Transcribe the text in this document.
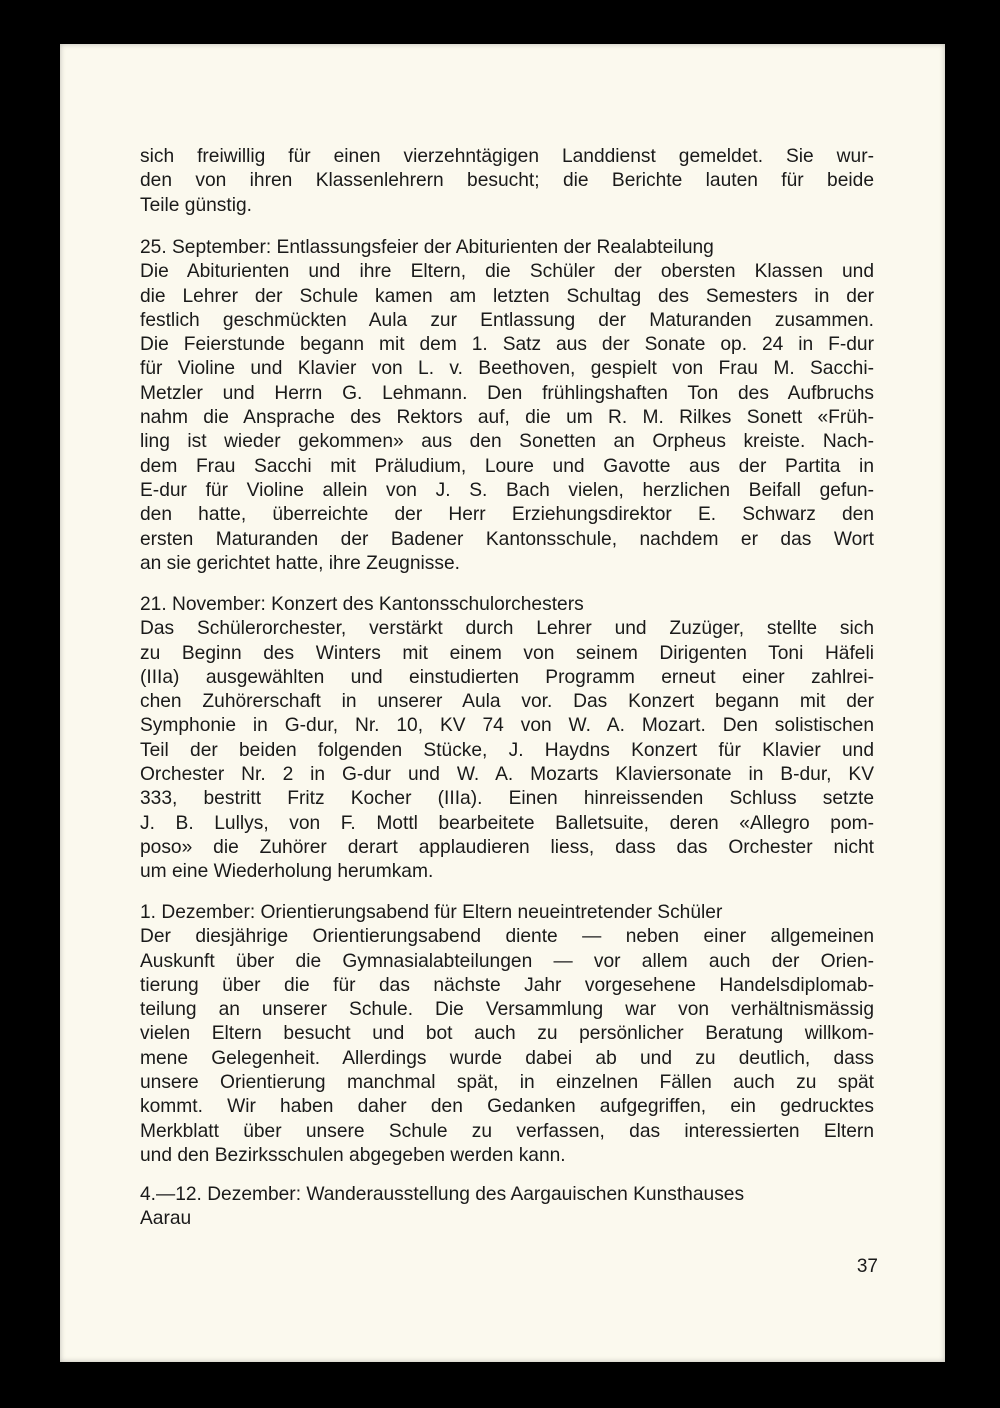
sich freiwillig für einen vierzehntägigen Landdienst gemeldet. Sie wur-
den von ihren Klassenlehrern besucht; die Berichte lauten für beide
Teile günstig.
25. September: Entlassungsfeier der Abiturienten der Realabteilung
Die Abiturienten und ihre Eltern, die Schüler der obersten Klassen und
die Lehrer der Schule kamen am letzten Schultag des Semesters in der
festlich geschmückten Aula zur Entlassung der Maturanden zusammen.
Die Feierstunde begann mit dem 1. Satz aus der Sonate op. 24 in F-dur
für Violine und Klavier von L. v. Beethoven, gespielt von Frau M. Sacchi-
Metzler und Herrn G. Lehmann. Den frühlingshaften Ton des Aufbruchs
nahm die Ansprache des Rektors auf, die um R. M. Rilkes Sonett «Früh-
ling ist wieder gekommen» aus den Sonetten an Orpheus kreiste. Nach-
dem Frau Sacchi mit Präludium, Loure und Gavotte aus der Partita in
E-dur für Violine allein von J. S. Bach vielen, herzlichen Beifall gefun-
den hatte, überreichte der Herr Erziehungsdirektor E. Schwarz den
ersten Maturanden der Badener Kantonsschule, nachdem er das Wort
an sie gerichtet hatte, ihre Zeugnisse.
21. November: Konzert des Kantonsschulorchesters
Das Schülerorchester, verstärkt durch Lehrer und Zuzüger, stellte sich
zu Beginn des Winters mit einem von seinem Dirigenten Toni Häfeli
(IIIa) ausgewählten und einstudierten Programm erneut einer zahlrei-
chen Zuhörerschaft in unserer Aula vor. Das Konzert begann mit der
Symphonie in G-dur, Nr. 10, KV 74 von W. A. Mozart. Den solistischen
Teil der beiden folgenden Stücke, J. Haydns Konzert für Klavier und
Orchester Nr. 2 in G-dur und W. A. Mozarts Klaviersonate in B-dur, KV
333, bestritt Fritz Kocher (IIIa). Einen hinreissenden Schluss setzte
J. B. Lullys, von F. Mottl bearbeitete Balletsuite, deren «Allegro pom-
poso» die Zuhörer derart applaudieren liess, dass das Orchester nicht
um eine Wiederholung herumkam.
1. Dezember: Orientierungsabend für Eltern neueintretender Schüler
Der diesjährige Orientierungsabend diente — neben einer allgemeinen
Auskunft über die Gymnasialabteilungen — vor allem auch der Orien-
tierung über die für das nächste Jahr vorgesehene Handelsdiplomab-
teilung an unserer Schule. Die Versammlung war von verhältnismässig
vielen Eltern besucht und bot auch zu persönlicher Beratung willkom-
mene Gelegenheit. Allerdings wurde dabei ab und zu deutlich, dass
unsere Orientierung manchmal spät, in einzelnen Fällen auch zu spät
kommt. Wir haben daher den Gedanken aufgegriffen, ein gedrucktes
Merkblatt über unsere Schule zu verfassen, das interessierten Eltern
und den Bezirksschulen abgegeben werden kann.
4.—12. Dezember: Wanderausstellung des Aargauischen Kunsthauses
Aarau
37
